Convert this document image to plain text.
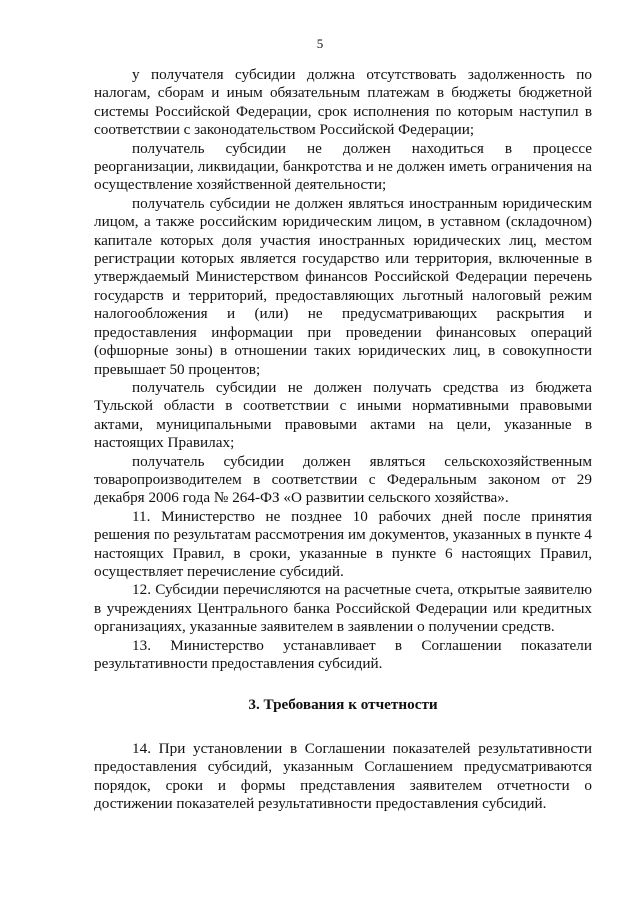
5

у получателя субсидии должна отсутствовать задолженность по налогам, сборам и иным обязательным платежам в бюджеты бюджетной системы Российской Федерации, срок исполнения по которым наступил в соответствии с законодательством Российской Федерации;

получатель субсидии не должен находиться в процессе реорганизации, ликвидации, банкротства и не должен иметь ограничения на осуществление хозяйственной деятельности;

получатель субсидии не должен являться иностранным юридическим лицом, а также российским юридическим лицом, в уставном (складочном) капитале которых доля участия иностранных юридических лиц, местом регистрации которых является государство или территория, включенные в утверждаемый Министерством финансов Российской Федерации перечень государств и территорий, предоставляющих льготный налоговый режим налогообложения и (или) не предусматривающих раскрытия и предоставления информации при проведении финансовых операций (офшорные зоны) в отношении таких юридических лиц, в совокупности превышает 50 процентов;

получатель субсидии не должен получать средства из бюджета Тульской области в соответствии с иными нормативными правовыми актами, муниципальными правовыми актами на цели, указанные в настоящих Правилах;

получатель субсидии должен являться сельскохозяйственным товаропроизводителем в соответствии с Федеральным законом от 29 декабря 2006 года № 264-ФЗ «О развитии сельского хозяйства».

11. Министерство не позднее 10 рабочих дней после принятия решения по результатам рассмотрения им документов, указанных в пункте 4 настоящих Правил, в сроки, указанные в пункте 6 настоящих Правил, осуществляет перечисление субсидий.

12. Субсидии перечисляются на расчетные счета, открытые заявителю в учреждениях Центрального банка Российской Федерации или кредитных организациях, указанные заявителем в заявлении о получении средств.

13. Министерство устанавливает в Соглашении показатели результативности предоставления субсидий.

3. Требования к отчетности

14. При установлении в Соглашении показателей результативности предоставления субсидий, указанным Соглашением предусматриваются порядок, сроки и формы представления заявителем отчетности о достижении показателей результативности предоставления субсидий.
